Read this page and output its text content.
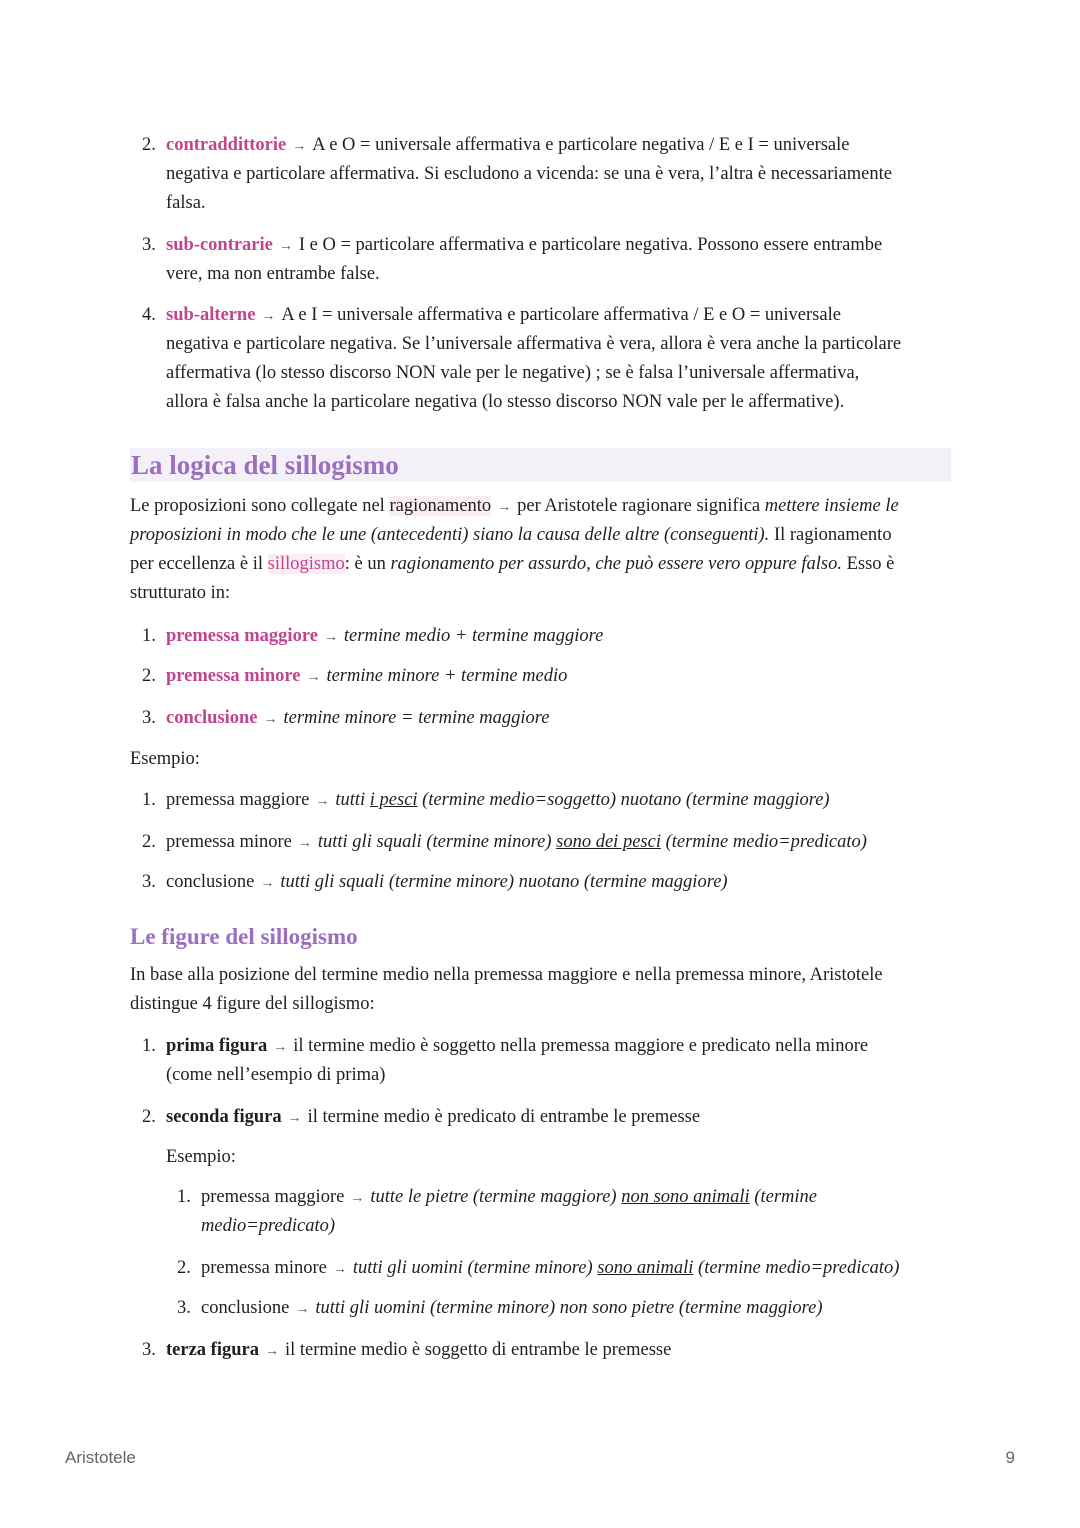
2. contraddittorie → A e O = universale affermativa e particolare negativa / E e I = universale
negativa e particolare affermativa. Si escludono a vicenda: se una è vera, l’altra è necessariamente
falsa.
3. sub-contrarie → I e O = particolare affermativa e particolare negativa. Possono essere entrambe
vere, ma non entrambe false.
4. sub-alterne → A e I = universale affermativa e particolare affermativa / E e O = universale
negativa e particolare negativa. Se l’universale affermativa è vera, allora è vera anche la particolare
affermativa (lo stesso discorso NON vale per le negative) ; se è falsa l’universale affermativa,
allora è falsa anche la particolare negativa (lo stesso discorso NON vale per le affermative).
La logica del sillogismo
Le proposizioni sono collegate nel ragionamento → per Aristotele ragionare significa mettere insieme le
proposizioni in modo che le une (antecedenti) siano la causa delle altre (conseguenti). Il ragionamento
per eccellenza è il sillogismo: è un ragionamento per assurdo, che può essere vero oppure falso. Esso è
strutturato in:
1. premessa maggiore → termine medio + termine maggiore
2. premessa minore → termine minore + termine medio
3. conclusione → termine minore = termine maggiore
Esempio:
1. premessa maggiore → tutti i pesci (termine medio=soggetto) nuotano (termine maggiore)
2. premessa minore → tutti gli squali (termine minore) sono dei pesci (termine medio=predicato)
3. conclusione → tutti gli squali (termine minore) nuotano (termine maggiore)
Le figure del sillogismo
In base alla posizione del termine medio nella premessa maggiore e nella premessa minore, Aristotele
distingue 4 figure del sillogismo:
1. prima figura → il termine medio è soggetto nella premessa maggiore e predicato nella minore
(come nell’esempio di prima)
2. seconda figura → il termine medio è predicato di entrambe le premesse
Esempio:
1. premessa maggiore → tutte le pietre (termine maggiore) non sono animali (termine
medio=predicato)
2. premessa minore → tutti gli uomini (termine minore) sono animali (termine medio=predicato)
3. conclusione → tutti gli uomini (termine minore) non sono pietre (termine maggiore)
3. terza figura → il termine medio è soggetto di entrambe le premesse
Aristotele	9
